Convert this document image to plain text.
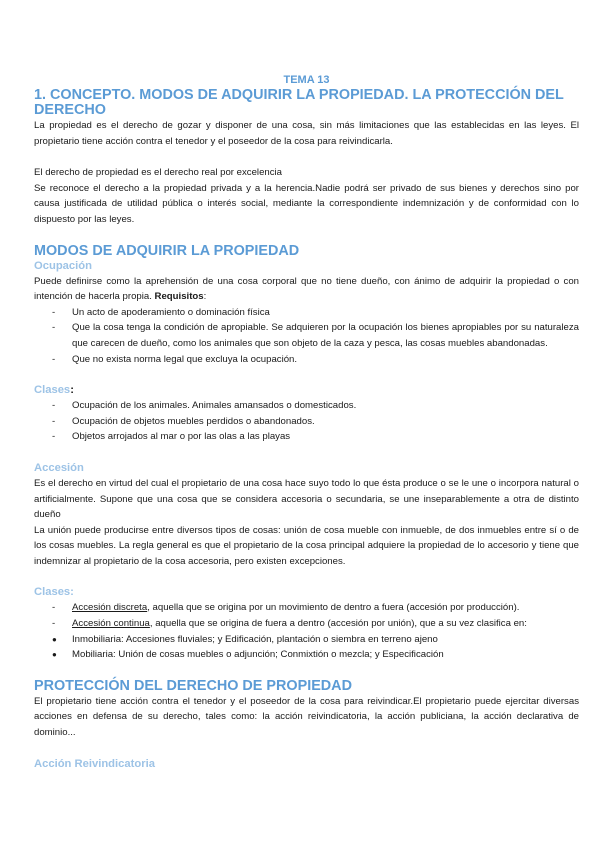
TEMA 13
1. CONCEPTO. MODOS DE ADQUIRIR LA PROPIEDAD. LA PROTECCIÓN DEL DERECHO

La propiedad es el derecho de gozar y disponer de una cosa, sin más limitaciones que las establecidas en las leyes. El propietario tiene acción contra el tenedor y el poseedor de la cosa para reivindicarla.

El derecho de propiedad es el derecho real por excelencia

Se reconoce el derecho a la propiedad privada y a la herencia.Nadie podrá ser privado de sus bienes y derechos sino por causa justificada de utilidad pública o interés social, mediante la correspondiente indemnización y de conformidad con lo dispuesto por las leyes.

MODOS DE ADQUIRIR LA PROPIEDAD
Ocupación

Puede definirse como la aprehensión de una cosa corporal que no tiene dueño, con ánimo de adquirir la propiedad o con intención de hacerla propia. Requisitos:

- Un acto de apoderamiento o dominación física
- Que la cosa tenga la condición de apropiable. Se adquieren por la ocupación los bienes apropiables por su naturaleza que carecen de dueño, como los animales que son objeto de la caza y pesca, las cosas muebles abandonadas.
- Que no exista norma legal que excluya la ocupación.
Clases:
- Ocupación de los animales. Animales amansados o domesticados.
- Ocupación de objetos muebles perdidos o abandonados.
- Objetos arrojados al mar o por las olas a las playas
Accesión

Es el derecho en virtud del cual el propietario de una cosa hace suyo todo lo que ésta produce o se le une o incorpora natural o artificialmente. Supone que una cosa que se considera accesoria o secundaria, se une inseparablemente a otra de distinto dueño

La unión puede producirse entre diversos tipos de cosas: unión de cosa mueble con inmueble, de dos inmuebles entre sí o de los cosas muebles. La regla general es que el propietario de la cosa principal adquiere la propiedad de lo accesorio y tiene que indemnizar al propietario de la cosa accesoria, pero existen excepciones.

Clases:
- Accesión discreta, aquella que se origina por un movimiento de dentro a fuera (accesión por producción).
- Accesión continua, aquella que se origina de fuera a dentro (accesión por unión), que a su vez clasifica en:
● Inmobiliaria: Accesiones fluviales; y Edificación, plantación o siembra en terreno ajeno
● Mobiliaria: Unión de cosas muebles o adjunción; Conmixtión o mezcla; y Especificación
PROTECCIÓN DEL DERECHO DE PROPIEDAD

El propietario tiene acción contra el tenedor y el poseedor de la cosa para reivindicar.El propietario puede ejercitar diversas acciones en defensa de su derecho, tales como: la acción reivindicatoria, la acción publiciana, la acción declarativa de dominio...

Acción Reivindicatoria
